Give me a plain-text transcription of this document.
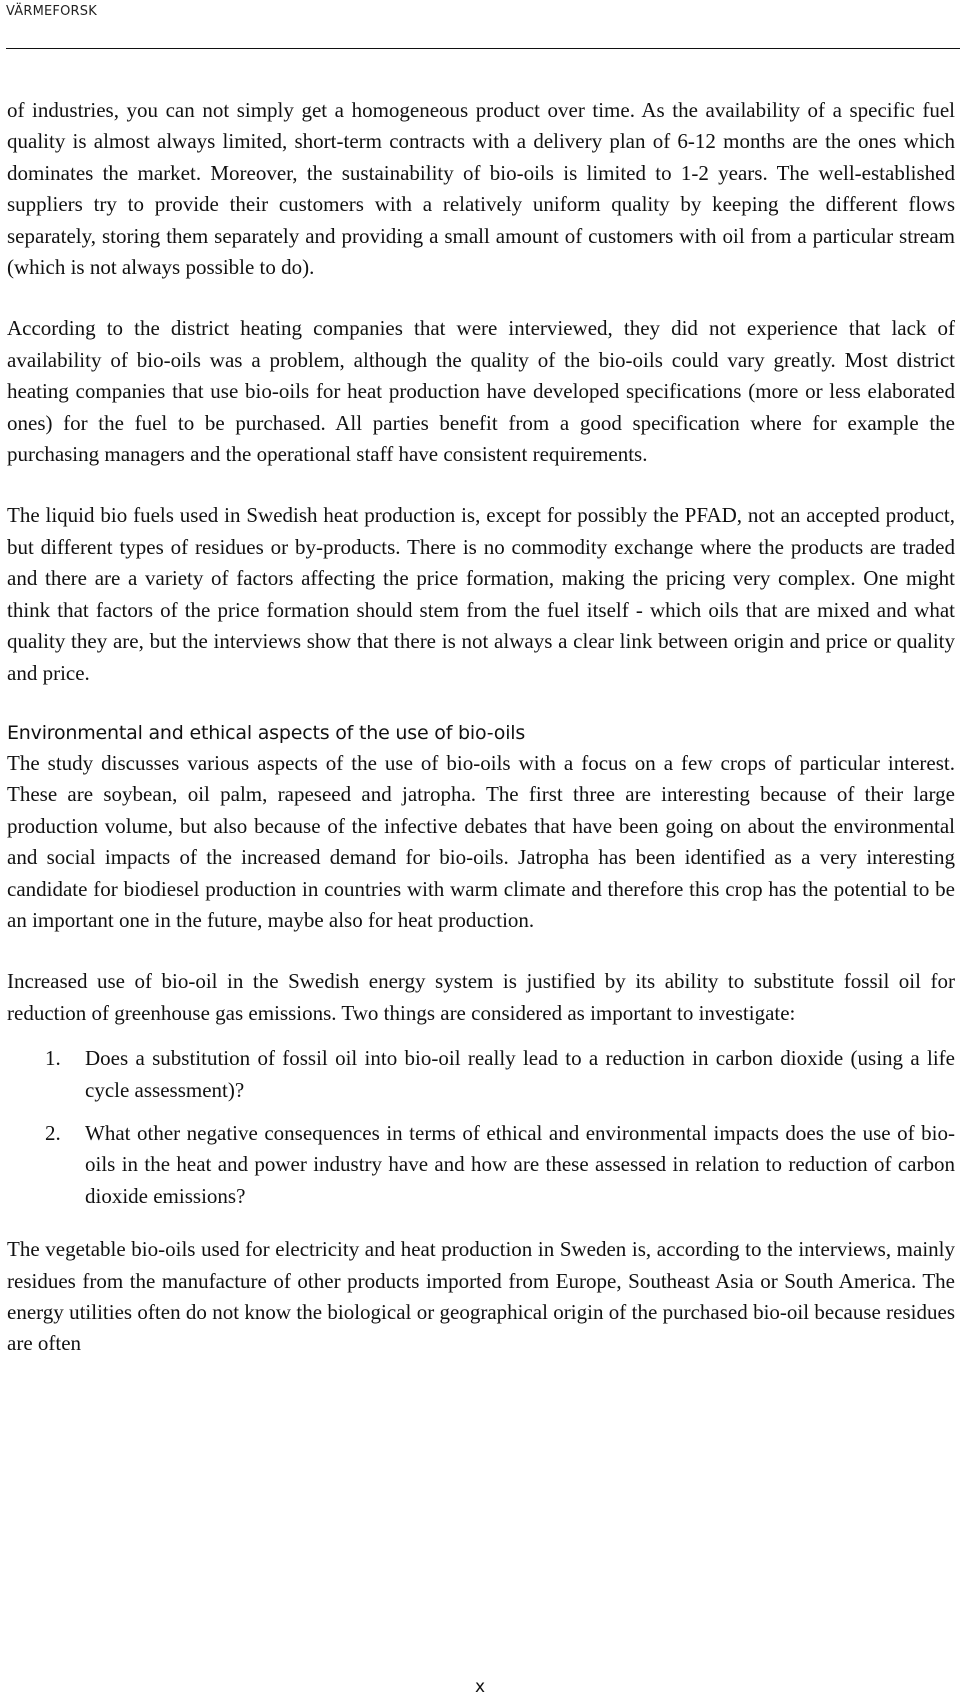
VÄRMEFORSK

of industries, you can not simply get a homogeneous product over time. As the availability of a specific fuel quality is almost always limited, short-term contracts with a delivery plan of 6-12 months are the ones which dominates the market. Moreover, the sustainability of bio-oils is limited to 1-2 years. The well-established suppliers try to provide their customers with a relatively uniform quality by keeping the different flows separately, storing them separately and providing a small amount of customers with oil from a particular stream (which is not always possible to do).

According to the district heating companies that were interviewed, they did not experience that lack of availability of bio-oils was a problem, although the quality of the bio-oils could vary greatly. Most district heating companies that use bio-oils for heat production have developed specifications (more or less elaborated ones) for the fuel to be purchased. All parties benefit from a good specification where for example the purchasing managers and the operational staff have consistent requirements.

The liquid bio fuels used in Swedish heat production is, except for possibly the PFAD, not an accepted product, but different types of residues or by-products. There is no commodity exchange where the products are traded and there are a variety of factors affecting the price formation, making the pricing very complex. One might think that factors of the price formation should stem from the fuel itself - which oils that are mixed and what quality they are, but the interviews show that there is not always a clear link between origin and price or quality and price.

Environmental and ethical aspects of the use of bio-oils

The study discusses various aspects of the use of bio-oils with a focus on a few crops of particular interest. These are soybean, oil palm, rapeseed and jatropha. The first three are interesting because of their large production volume, but also because of the infective debates that have been going on about the environmental and social impacts of the increased demand for bio-oils. Jatropha has been identified as a very interesting candidate for biodiesel production in countries with warm climate and therefore this crop has the potential to be an important one in the future, maybe also for heat production.

Increased use of bio-oil in the Swedish energy system is justified by its ability to substitute fossil oil for reduction of greenhouse gas emissions. Two things are considered as important to investigate:

1. Does a substitution of fossil oil into bio-oil really lead to a reduction in carbon dioxide (using a life cycle assessment)?
2. What other negative consequences in terms of ethical and environmental impacts does the use of bio-oils in the heat and power industry have and how are these assessed in relation to reduction of carbon dioxide emissions?

The vegetable bio-oils used for electricity and heat production in Sweden is, according to the interviews, mainly residues from the manufacture of other products imported from Europe, Southeast Asia or South America. The energy utilities often do not know the biological or geographical origin of the purchased bio-oil because residues are often

x
